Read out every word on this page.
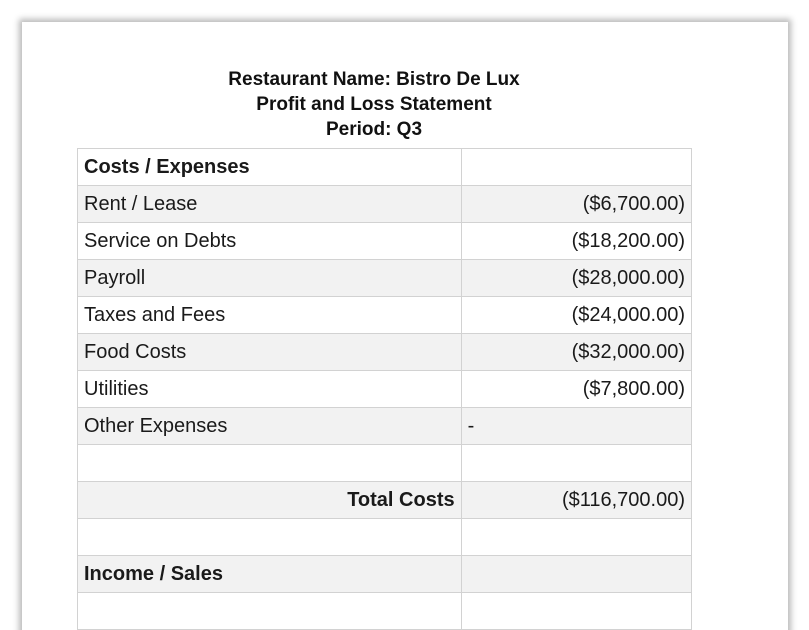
Restaurant Name: Bistro De Lux
Profit and Loss Statement
Period: Q3
Costs / Expenses	
Rent / Lease	($6,700.00)
Service on Debts	($18,200.00)
Payroll	($28,000.00)
Taxes and Fees	($24,000.00)
Food Costs	($32,000.00)
Utilities	($7,800.00)
Other Expenses	-

Total Costs	($116,700.00)

Income / Sales	
